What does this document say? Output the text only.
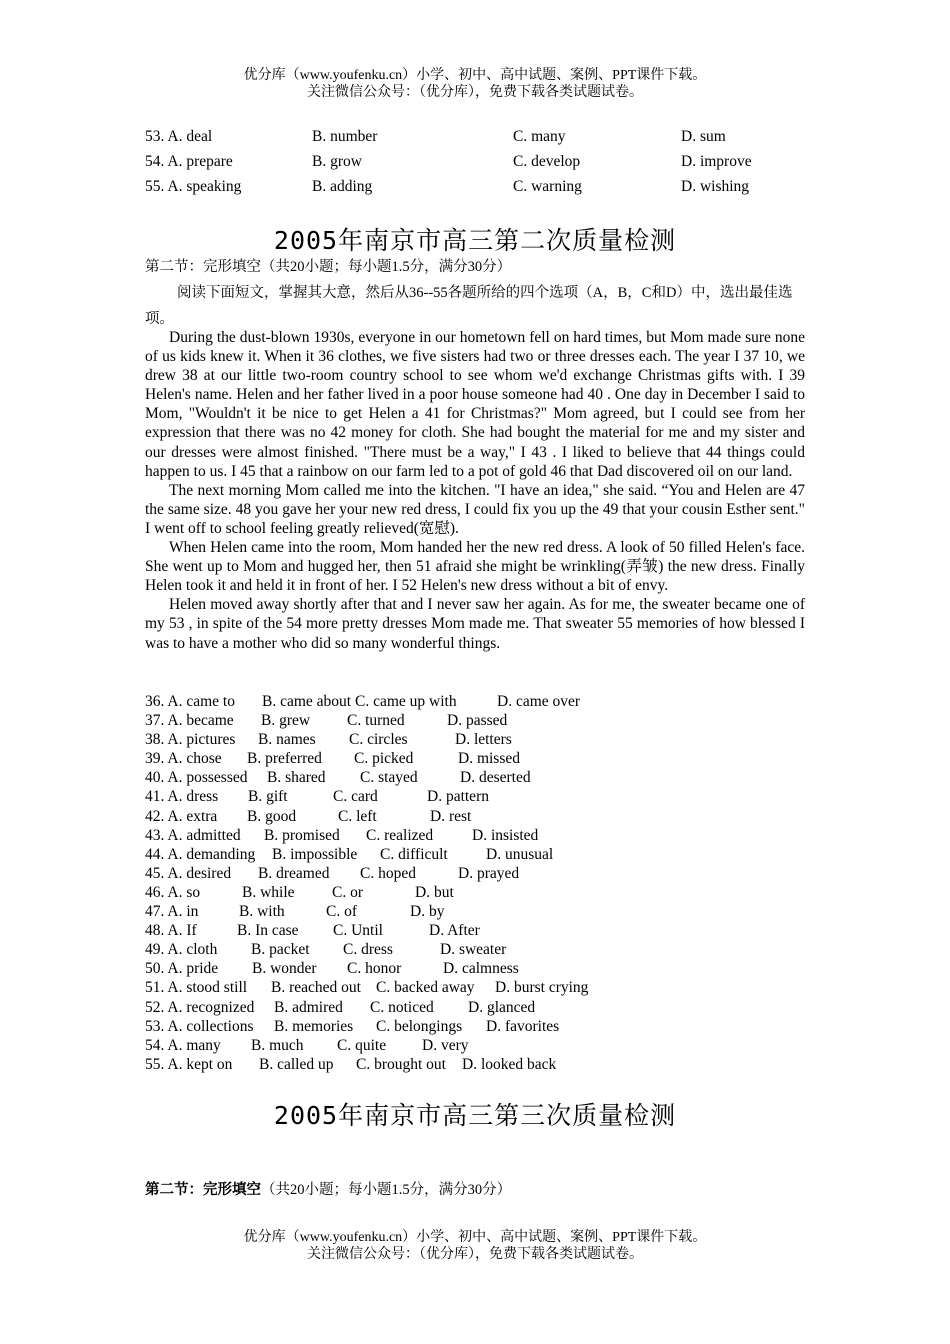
优分库（www.youfenku.cn）小学、初中、高中试题、案例、PPT课件下载。
关注微信公众号：（优分库），免费下载各类试题试卷。
53. A. deal	B. number	C. many	D. sum
54. A. prepare	B. grow	C. develop	D. improve
55. A. speaking	B. adding	C. warning	D. wishing
2005年南京市高三第二次质量检测
第二节：完形填空（共20小题；每小题1.5分，满分30分）
阅读下面短文，掌握其大意，然后从36--55各题所给的四个选项（A，B，C和D）中，选出最佳选项。

During the dust-blown 1930s, everyone in our hometown fell on hard times, but Mom made sure none of us kids knew it. When it 36 clothes, we five sisters had two or three dresses each. The year I 37 10, we drew 38 at our little two-room country school to see whom we'd exchange Christmas gifts with. I 39 Helen's name. Helen and her father lived in a poor house someone had 40 . One day in December I said to Mom, "Wouldn't it be nice to get Helen a 41 for Christmas?" Mom agreed, but I could see from her expression that there was no 42 money for cloth. She had bought the material for me and my sister and our dresses were almost finished. "There must be a way," I 43 . I liked to believe that 44 things could happen to us. I 45 that a rainbow on our farm led to a pot of gold 46 that Dad discovered oil on our land.

The next morning Mom called me into the kitchen. "I have an idea," she said. “You and Helen are 47 the same size. 48 you gave her your new red dress, I could fix you up the 49 that your cousin Esther sent." I went off to school feeling greatly relieved(宽慰).

When Helen came into the room, Mom handed her the new red dress. A look of 50 filled Helen's face. She went up to Mom and hugged her, then 51 afraid she might be wrinkling(弄皱) the new dress. Finally Helen took it and held it in front of her. I 52 Helen's new dress without a bit of envy.

Helen moved away shortly after that and I never saw her again. As for me, the sweater became one of my 53 , in spite of the 54 more pretty dresses Mom made me. That sweater 55 memories of how blessed I was to have a mother who did so many wonderful things.

36. A. came to B. came about C. came up with	D. came over
37. A. became B. grew C. turned	D. passed
38. A. pictures B. names C. circles	D. letters
39. A. chose B. preferred C. picked	D. missed
40. A. possessed B. shared C. stayed	D. deserted
41. A. dress B. gift	C. card	D. pattern
42. A. extra B. good	C. left	D. rest
43. A. admitted B. promised C. realized	D. insisted
44. A. demanding B. impossible C. difficult D. unusual
45. A. desired B. dreamed C. hoped	D. prayed
46. A. so	B. while C. or	D. but
47. A. in	B. with	C. of	D. by
48. A. If	B. In case C. Until	D. After
49. A. cloth B. packet C. dress	D. sweater
50. A. pride B. wonder C. honor	D. calmness
51. A. stood still B. reached out C. backed away D. burst crying
52. A. recognized B. admired C. noticed D. glanced
53. A. collections B. memories C. belongings D. favorites
54. A. many B. much C. quite D. very
55. A. kept on B. called up C. brought out D. looked back
2005年南京市高三第三次质量检测
第二节：完形填空（共20小题；每小题1.5分，满分30分）
优分库（www.youfenku.cn）小学、初中、高中试题、案例、PPT课件下载。
关注微信公众号：（优分库），免费下载各类试题试卷。
